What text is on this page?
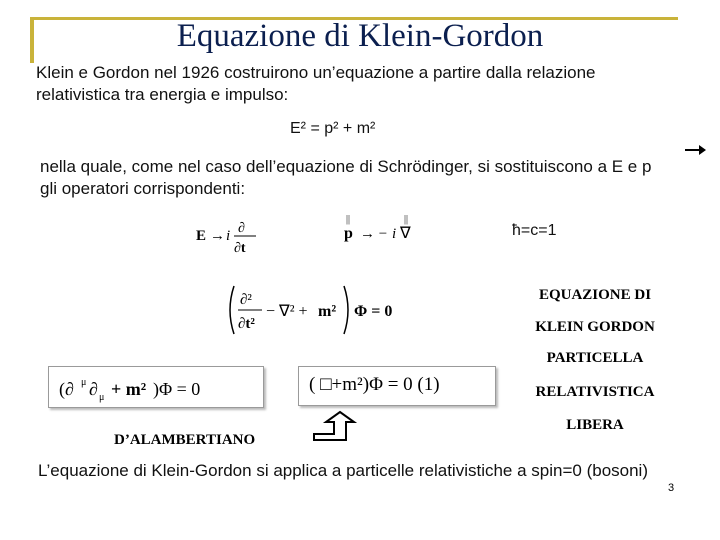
Equazione di Klein-Gordon
Klein e Gordon nel 1926 costruirono un’equazione a partire dalla relazione
relativistica tra energia e impulso:
E² = p² + m²
nella quale, come nel caso dell’equazione di Schrödinger, si sostituiscono a E e p
gli operatori corrispondenti:
E → i ∂
∂t
||
p → − i
||
∇	ħ=c=1
∂²
∂t²
− ∇² + m² Φ = 0
EQUAZIONE DI
KLEIN GORDON
PARTICELLA
RELATIVISTICA
LIBERA
(∂ μ ∂ μ + m² )Φ = 0	( □+m²)Φ = 0 (1)
D’ALAMBERTIANO
L’equazione di Klein-Gordon si applica a particelle relativistiche a spin=0 (bosoni)
3
